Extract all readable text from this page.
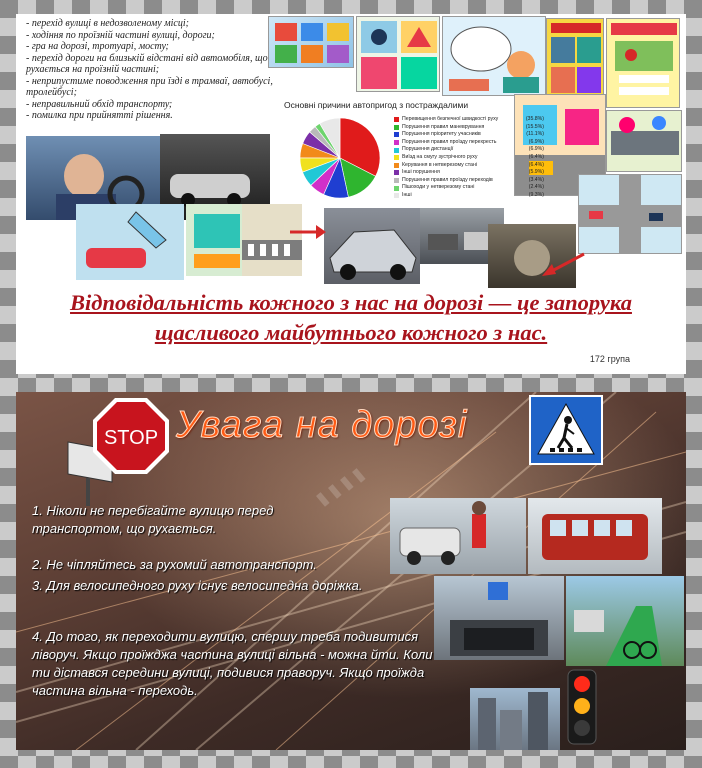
- перехід вулиці в недозволеному місці;
- ходіння по проїзній частині вулиці, дороги;
- гра на дорозі, тротуарі, мосту;
- перехід дороги на близькій відстані від автомобіля, що рухається на проїзній частині;
- неприпустиме поводження при їзді в трамваї, автобусі, тролейбусі;
- неправильний обхід транспорту;
- помилка при прийнятті рішення.
Основні причини автопригод з постраждалими
Перевищення безпечної швидкості руху	(35.8%)
Порушення правил маневрування	(15.5%)
Порушення пріоритету учасників	(11.1%)
Порушення правил проїзду перехресть	(6.9%)
Порушення дистанції	(6.9%)
Виїзд на смугу зустрічного руху	(6.4%)
Керування в нетверезому стані	(6.4%)
Інші порушення	(5.9%)
Порушення правил проїзду переходів	(3.4%)
Пішоходи у нетверезому стані	(2.4%)
Інші	(9.3%)
Відповідальність кожного з нас на дорозі — це запорука щасливого майбутнього кожного з нас.
172 група
STOP Увага на дорозі
1. Ніколи не перебігайте вулицю перед транспортом, що рухається.
2. Не чіпляйтесь за рухомий автотранспорт.
3. Для велосипедного руху існує велосипедна доріжка.
4. До того, як переходити вулицю, спершу треба подивитися ліворуч. Якщо проїжджа частина вулиці вільна - можна йти. Коли ти дістався середини вулиці, подивися праворуч. Якщо проїжда частина вільна - переходь.
